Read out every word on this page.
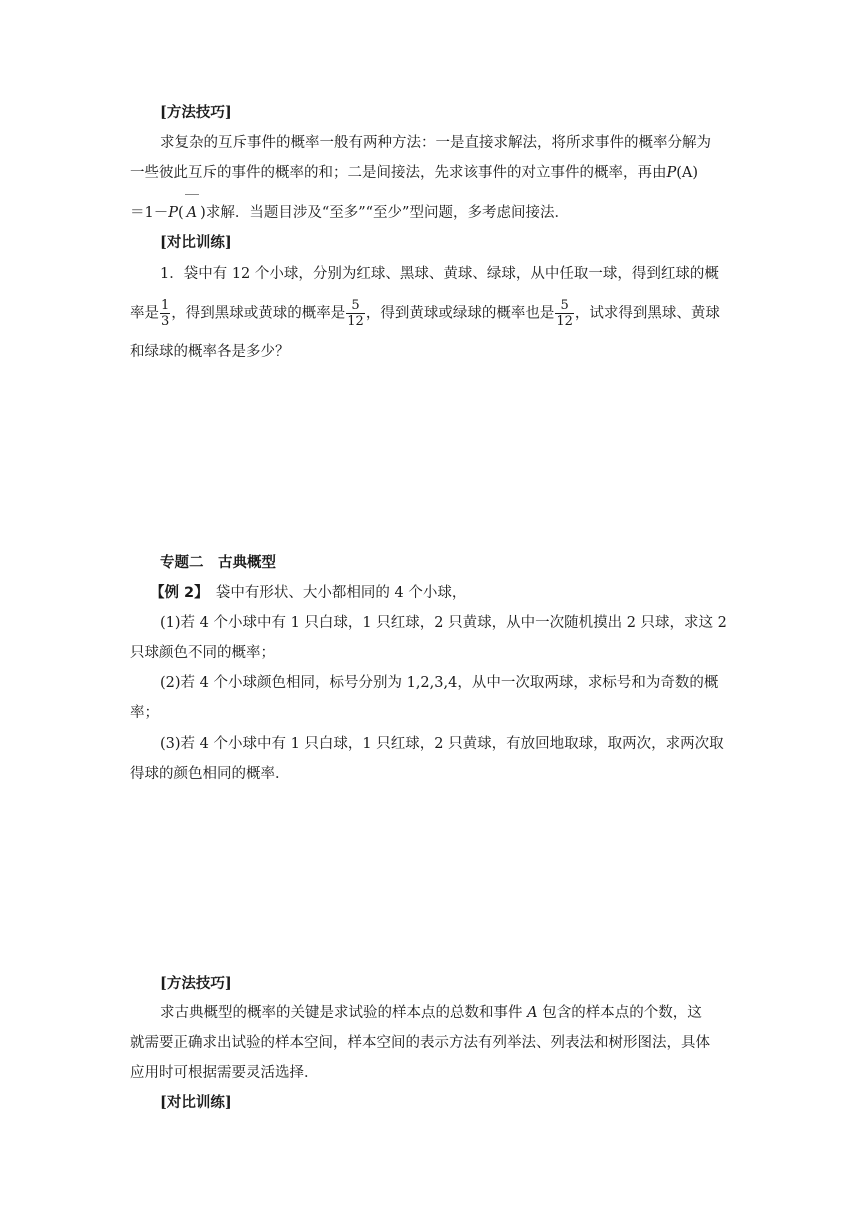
[方法技巧]
求复杂的互斥事件的概率一般有两种方法：一是直接求解法，将所求事件的概率分解为
一些彼此互斥的事件的概率的和；二是间接法，先求该事件的对立事件的概率，再由P(A)
＝1－P( A )求解．当题目涉及“至多”“至少”型问题，多考虑间接法．
[对比训练]
1．袋中有 12 个小球，分别为红球、黑球、黄球、绿球，从中任取一球，得到红球的概
率是 $\frac{1}{3}$ ，得到黑球或黄球的概率是 $\frac{5}{12}$ ，得到黄球或绿球的概率也是 $\frac{5}{12}$ ，试求得到黑球、黄球
和绿球的概率各是多少？
专题二　古典概型
【例 2】　袋中有形状、大小都相同的 4 个小球，
(1)若 4 个小球中有 1 只白球，1 只红球，2 只黄球，从中一次随机摸出 2 只球，求这 2
只球颜色不同的概率；
(2)若 4 个小球颜色相同，标号分别为 1,2,3,4，从中一次取两球，求标号和为奇数的概
率；
(3)若 4 个小球中有 1 只白球，1 只红球，2 只黄球，有放回地取球，取两次，求两次取
得球的颜色相同的概率．
[方法技巧]
求古典概型的概率的关键是求试验的样本点的总数和事件 A 包含的样本点的个数，这
就需要正确求出试验的样本空间，样本空间的表示方法有列举法、列表法和树形图法，具体
应用时可根据需要灵活选择．
[对比训练]
